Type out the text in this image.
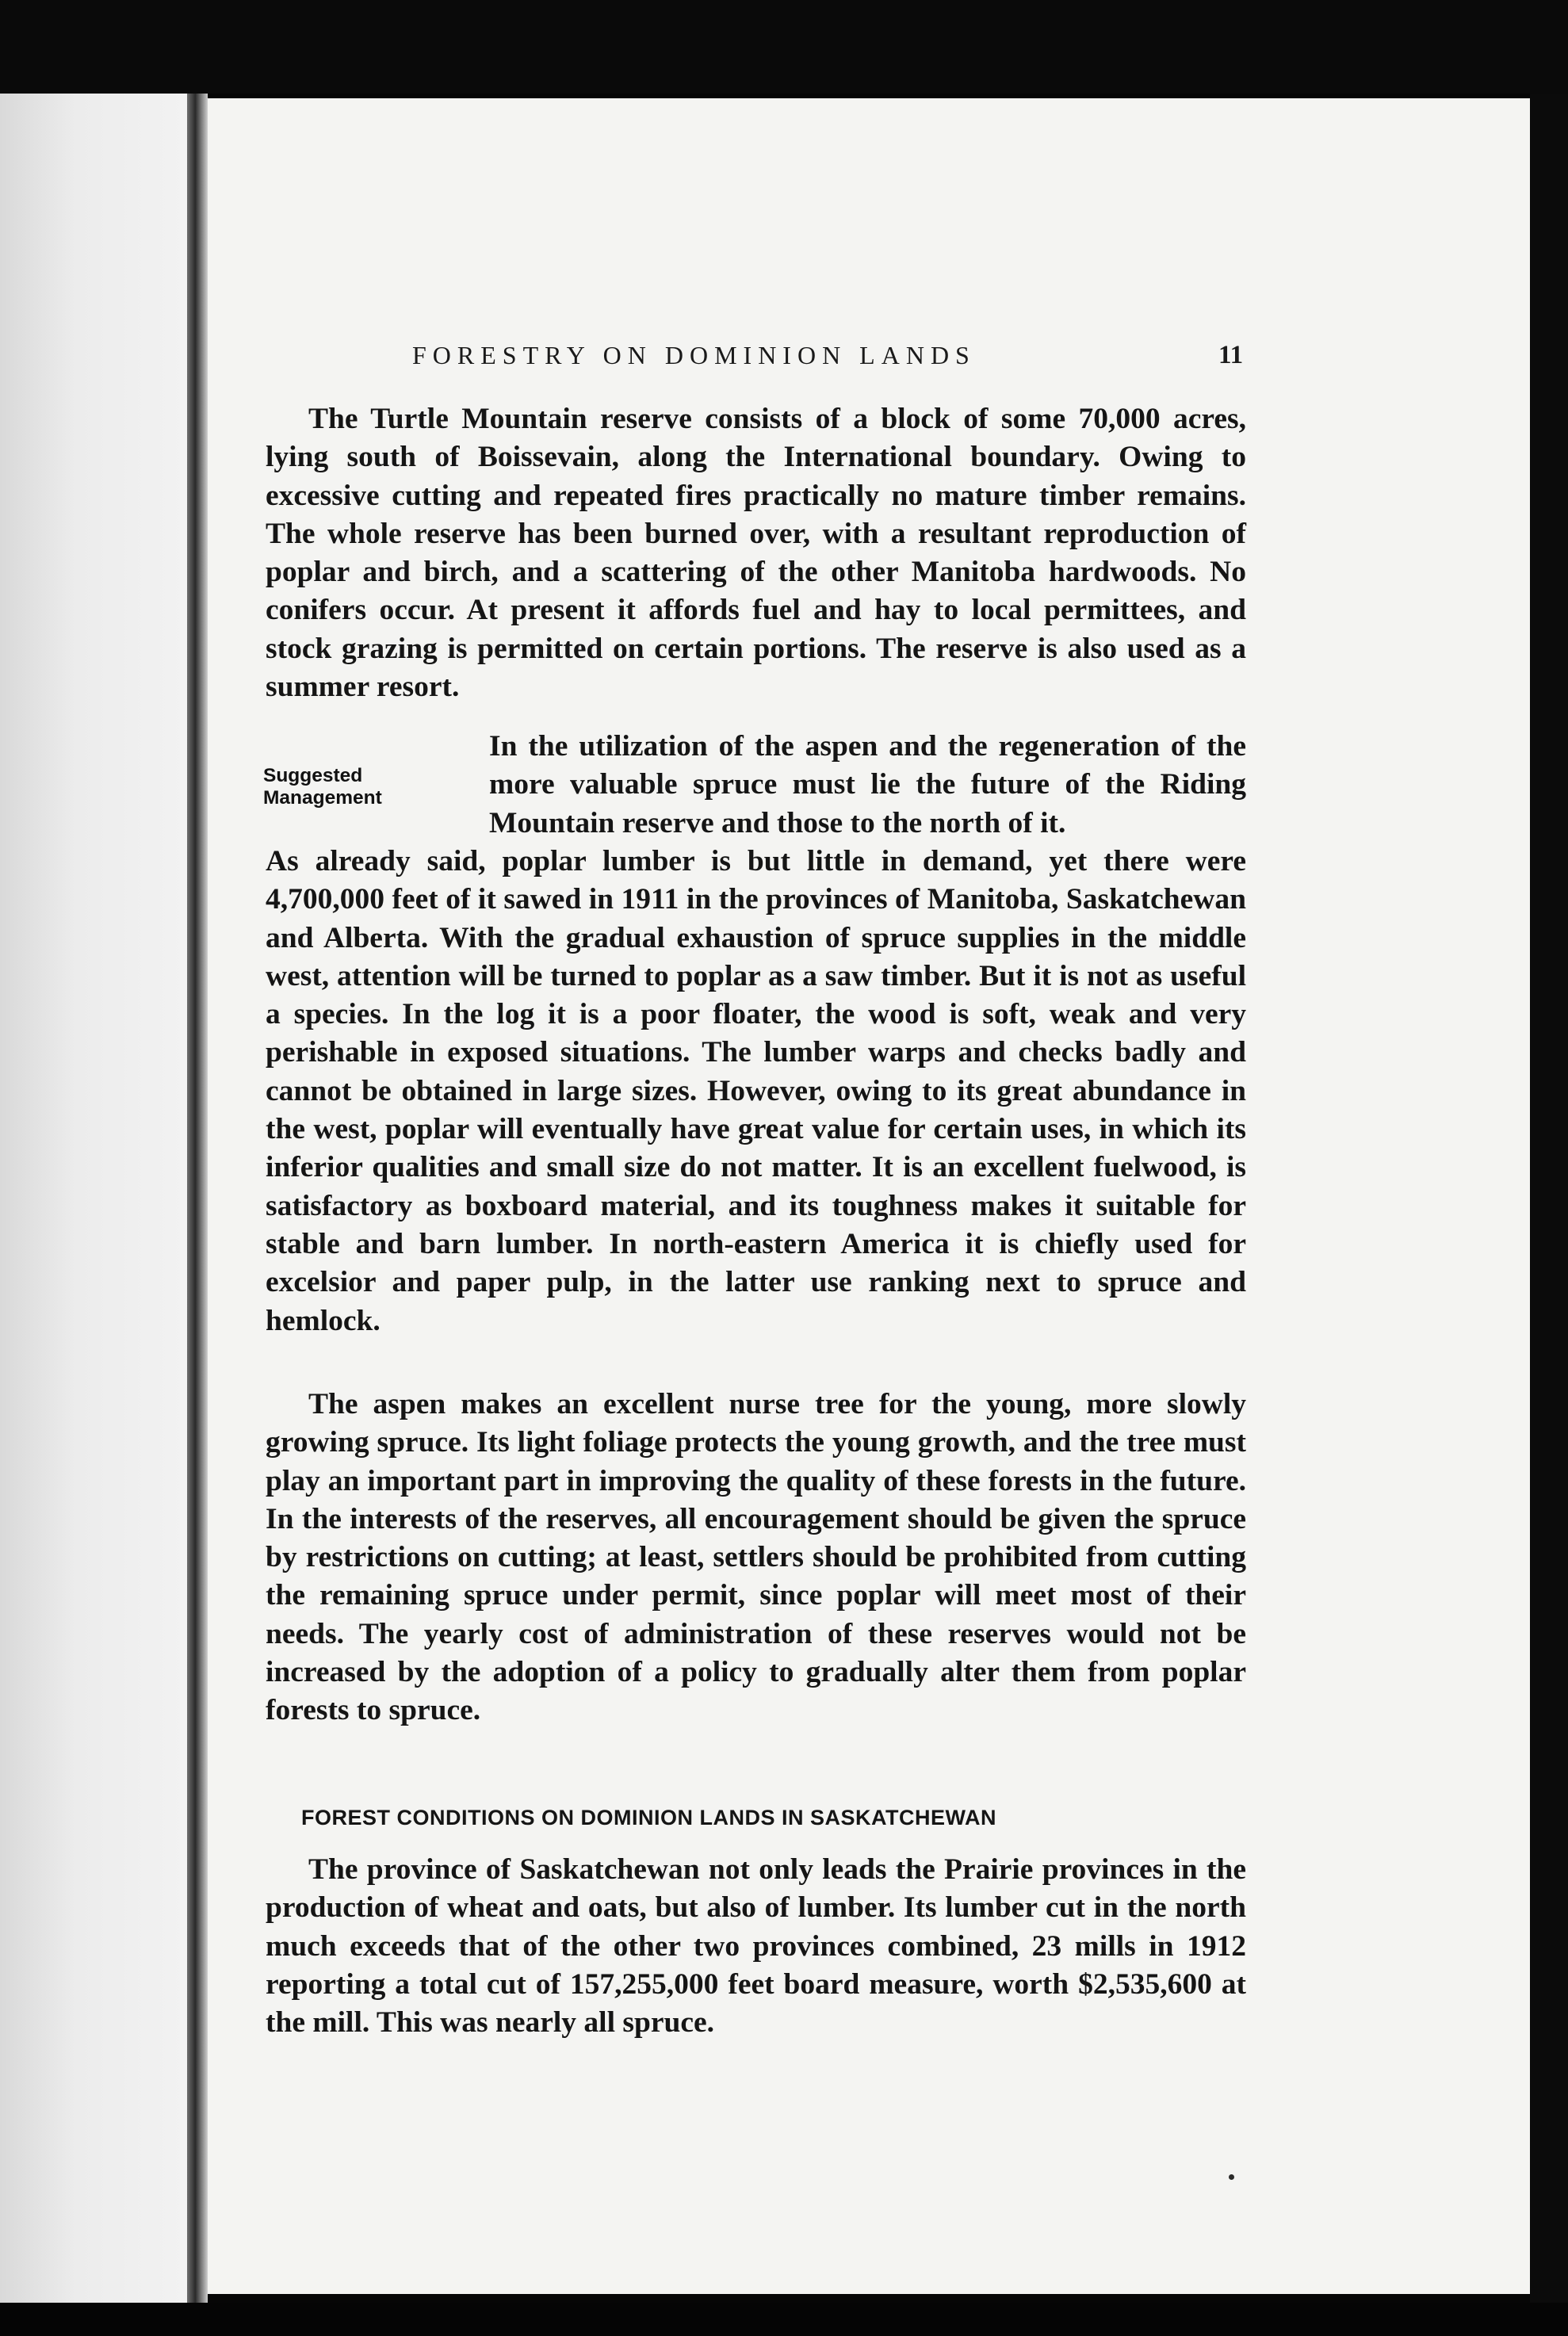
FORESTRY ON DOMINION LANDS	11

The Turtle Mountain reserve consists of a block of some 70,000 acres, lying south of Boissevain, along the International boundary. Owing to excessive cutting and repeated fires practically no mature timber remains. The whole reserve has been burned over, with a resultant reproduction of poplar and birch, and a scattering of the other Manitoba hardwoods. No conifers occur. At present it affords fuel and hay to local permittees, and stock grazing is permitted on certain portions. The reserve is also used as a summer resort.

Suggested
Management
In the utilization of the aspen and the regeneration of the more valuable spruce must lie the future of the Riding Mountain reserve and those to the north of it.

As already said, poplar lumber is but little in demand, yet there were 4,700,000 feet of it sawed in 1911 in the provinces of Manitoba, Saskatchewan and Alberta. With the gradual exhaustion of spruce supplies in the middle west, attention will be turned to poplar as a saw timber. But it is not as useful a species. In the log it is a poor floater, the wood is soft, weak and very perishable in exposed situations. The lumber warps and checks badly and cannot be obtained in large sizes. However, owing to its great abundance in the west, poplar will eventually have great value for certain uses, in which its inferior qualities and small size do not matter. It is an excellent fuelwood, is satisfactory as boxboard material, and its toughness makes it suitable for stable and barn lumber. In north-eastern America it is chiefly used for excelsior and paper pulp, in the latter use ranking next to spruce and hemlock.

The aspen makes an excellent nurse tree for the young, more slowly growing spruce. Its light foliage protects the young growth, and the tree must play an important part in improving the quality of these forests in the future. In the interests of the reserves, all encouragement should be given the spruce by restrictions on cutting; at least, settlers should be prohibited from cutting the remaining spruce under permit, since poplar will meet most of their needs. The yearly cost of administration of these reserves would not be increased by the adoption of a policy to gradually alter them from poplar forests to spruce.

FOREST CONDITIONS ON DOMINION LANDS IN SASKATCHEWAN

The province of Saskatchewan not only leads the Prairie provinces in the production of wheat and oats, but also of lumber. Its lumber cut in the north much exceeds that of the other two provinces combined, 23 mills in 1912 reporting a total cut of 157,255,000 feet board measure, worth $2,535,600 at the mill. This was nearly all spruce.
